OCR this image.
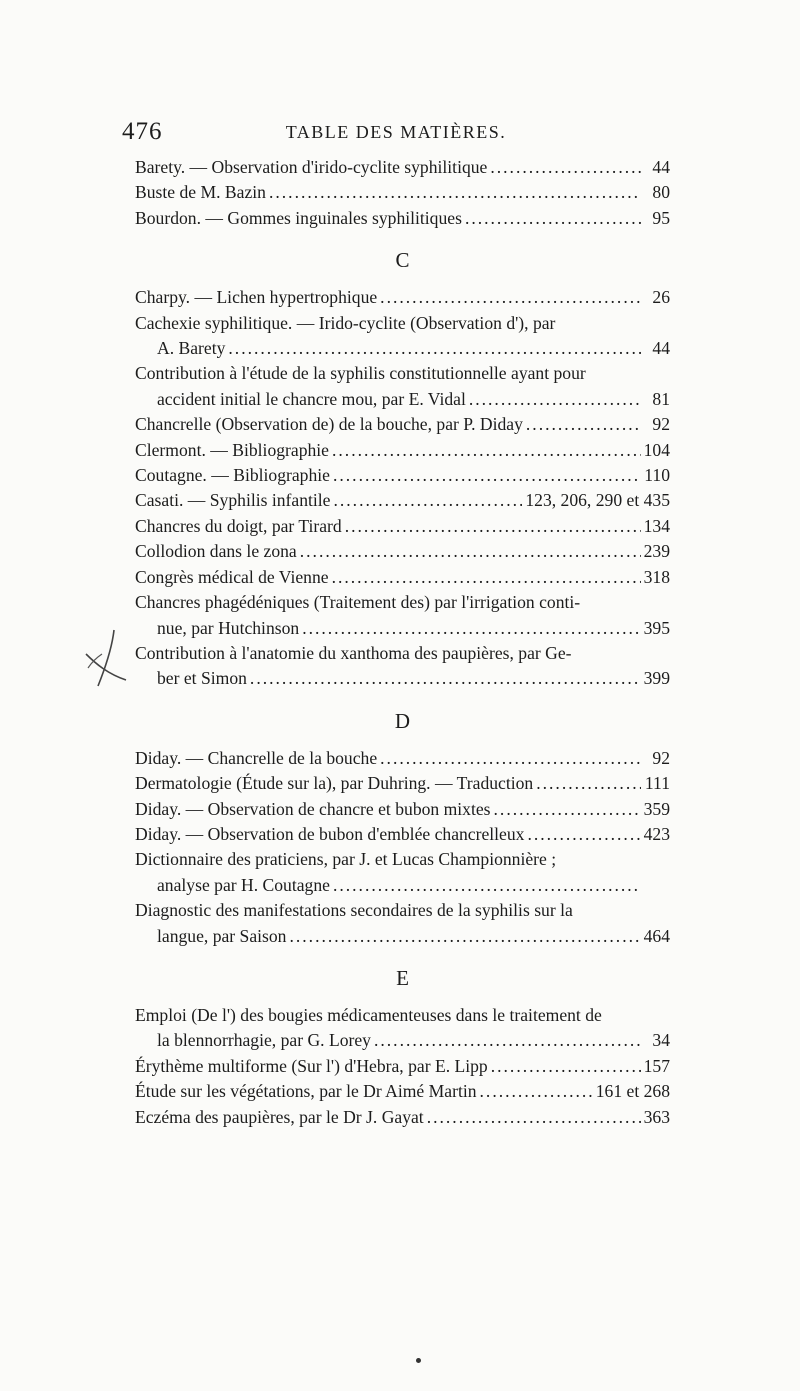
476	TABLE DES MATIÈRES.
Barety. — Observation d'irido-cyclite syphilitique .....	44
Buste de M. Bazin .....	80
Bourdon. — Gommes inguinales syphilitiques .....	95
C
Charpy. — Lichen hypertrophique .....	26
Cachexie syphilitique. — Irido-cyclite (Observation d'), par
A. Barety .....	44
Contribution à l'étude de la syphilis constitutionnelle ayant pour
accident initial le chancre mou, par E. Vidal .....	81
Chancrelle (Observation de) de la bouche, par P. Diday .....	92
Clermont. — Bibliographie .....	104
Coutagne. — Bibliographie .....	110
Casati. — Syphilis infantile .....	123, 206, 290 et 435
Chancres du doigt, par Tirard .....	134
Collodion dans le zona .....	239
Congrès médical de Vienne .....	318
Chancres phagédéniques (Traitement des) par l'irrigation conti-
nue, par Hutchinson .....	395
Contribution à l'anatomie du xanthoma des paupières, par Ge-
ber et Simon .....	399
D
Diday. — Chancrelle de la bouche .....	92
Dermatologie (Étude sur la), par Duhring. — Traduction .....	111
Diday. — Observation de chancre et bubon mixtes .....	359
Diday. — Observation de bubon d'emblée chancrelleux .....	423
Dictionnaire des praticiens, par J. et Lucas Championnière ;
analyse par H. Coutagne
.....
Diagnostic des manifestations secondaires de la syphilis sur la
langue, par Saison .....	464
E
Emploi (De l') des bougies médicamenteuses dans le traitement de
la blennorrhagie, par G. Lorey .....	34
Érythème multiforme (Sur l') d'Hebra, par E. Lipp .....	157
Étude sur les végétations, par le Dr Aimé Martin .....	161 et 268
Eczéma des paupières, par le Dr J. Gayat .....	363
